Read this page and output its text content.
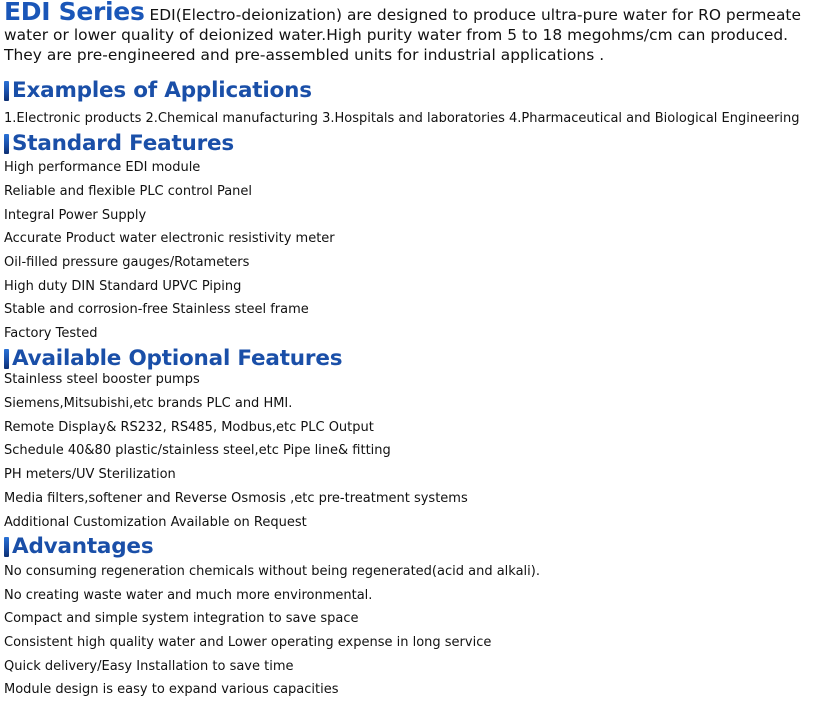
EDI Series EDI(Electro-deionization) are designed to produce ultra-pure water for RO permeate water or lower quality of deionized water.High purity water from 5 to 18 megohms/cm can produced. They are pre-engineered and pre-assembled units for industrial applications .
Examples of Applications
1.Electronic products 2.Chemical manufacturing 3.Hospitals and laboratories 4.Pharmaceutical and Biological Engineering
Standard Features
High performance EDI module
Reliable and flexible PLC control Panel
Integral Power Supply
Accurate Product water electronic resistivity meter
Oil-filled pressure gauges/Rotameters
High duty DIN Standard UPVC Piping
Stable and corrosion-free Stainless steel frame
Factory Tested
Available Optional Features
Stainless steel booster pumps
Siemens,Mitsubishi,etc brands PLC and HMI.
Remote Display& RS232, RS485, Modbus,etc PLC Output
Schedule 40&80 plastic/stainless steel,etc Pipe line& fitting
PH meters/UV Sterilization
Media filters,softener and Reverse Osmosis ,etc pre-treatment systems
Additional Customization Available on Request
Advantages
No consuming regeneration chemicals without being regenerated(acid and alkali).
No creating waste water and much more environmental.
Compact and simple system integration to save space
Consistent high quality water and Lower operating expense in long service
Quick delivery/Easy Installation to save time
Module design is easy to expand various capacities
